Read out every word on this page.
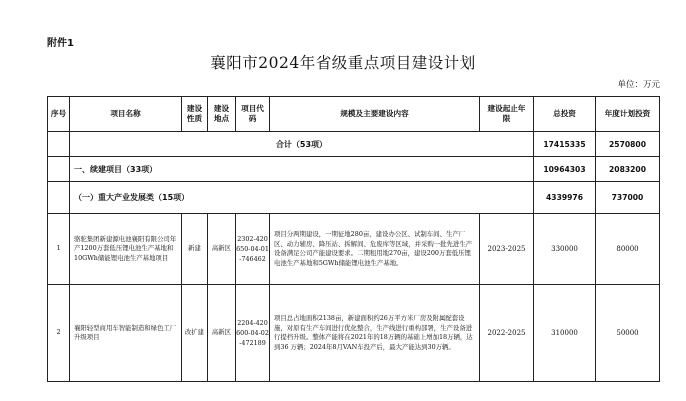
附件1
襄阳市2024年省级重点项目建设计划
单位：万元
序号	项目名称	建设性质	建设地点	项目代码	规模及主要建设内容	建设起止年限	总投资	年度计划投资
	合计（53项）						17415335	2570800
	一、续建项目（33项）						10964303	2083200

	（一）重大产业发展类（15项）						4339976	737000
1	骆驼集团新建源电池襄阳有限公司年产1200万套低压锂电池生产基地和10GWh储能锂电池生产基地项目	新建	高新区	2302-420650-04-01-746462	项目分两期建设，一期征地280亩，建设办公区、试制车间、生产厂区、动力辅房、降压站、拆解间、危废库等区域，并采购一批先进生产设备满足公司产能建设要求。二期租用地270亩，建设200万套低压锂电池生产基地和5GWh储能锂电池生产基地。	2023-2025	330000	80000
2	襄阳轻型商用车智能制造和绿色工厂升级项目	改扩建	高新区	2204-420600-04-02-472189	项目总占地面积2138亩，新建面积约26万平方米厂房及附属配套设施，对原有生产车间进行优化整合，生产线进行重构部署，生产设备进行提档升级。整体产能将在2021年的18万辆的基础上增加18万辆，达到36 万辆；2024年8月VAN车投产后，最大产能达到30万辆。	2022-2025	310000	50000
